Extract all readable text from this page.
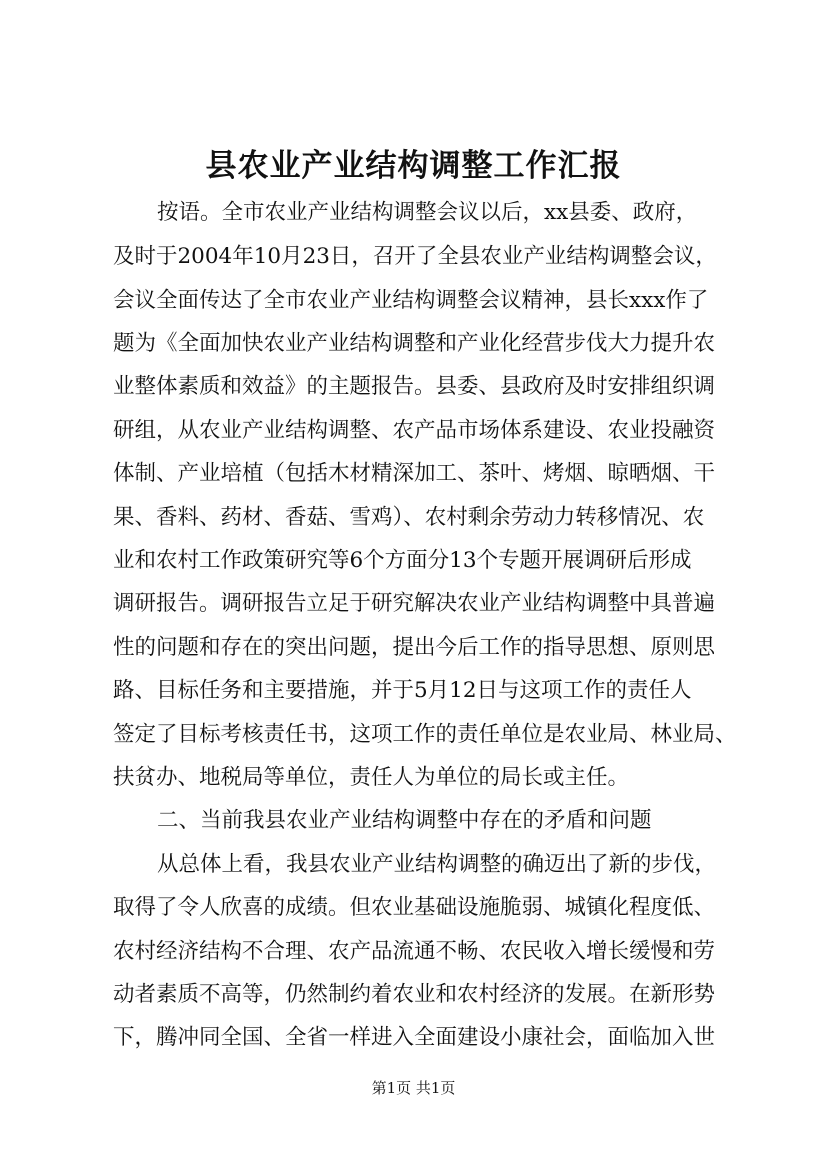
县农业产业结构调整工作汇报
按语。全市农业产业结构调整会议以后，xx县委、政府，
及时于2004年10月23日，召开了全县农业产业结构调整会议，
会议全面传达了全市农业产业结构调整会议精神，县长xxx作了
题为《全面加快农业产业结构调整和产业化经营步伐大力提升农
业整体素质和效益》的主题报告。县委、县政府及时安排组织调
研组，从农业产业结构调整、农产品市场体系建设、农业投融资
体制、产业培植（包括木材精深加工、茶叶、烤烟、晾晒烟、干
果、香料、药材、香菇、雪鸡）、农村剩余劳动力转移情况、农
业和农村工作政策研究等6个方面分13个专题开展调研后形成
调研报告。调研报告立足于研究解决农业产业结构调整中具普遍
性的问题和存在的突出问题，提出今后工作的指导思想、原则思
路、目标任务和主要措施，并于5月12日与这项工作的责任人
签定了目标考核责任书，这项工作的责任单位是农业局、林业局、
扶贫办、地税局等单位，责任人为单位的局长或主任。
二、当前我县农业产业结构调整中存在的矛盾和问题
从总体上看，我县农业产业结构调整的确迈出了新的步伐，
取得了令人欣喜的成绩。但农业基础设施脆弱、城镇化程度低、
农村经济结构不合理、农产品流通不畅、农民收入增长缓慢和劳
动者素质不高等，仍然制约着农业和农村经济的发展。在新形势
下，腾冲同全国、全省一样进入全面建设小康社会，面临加入世
第1页 共1页
